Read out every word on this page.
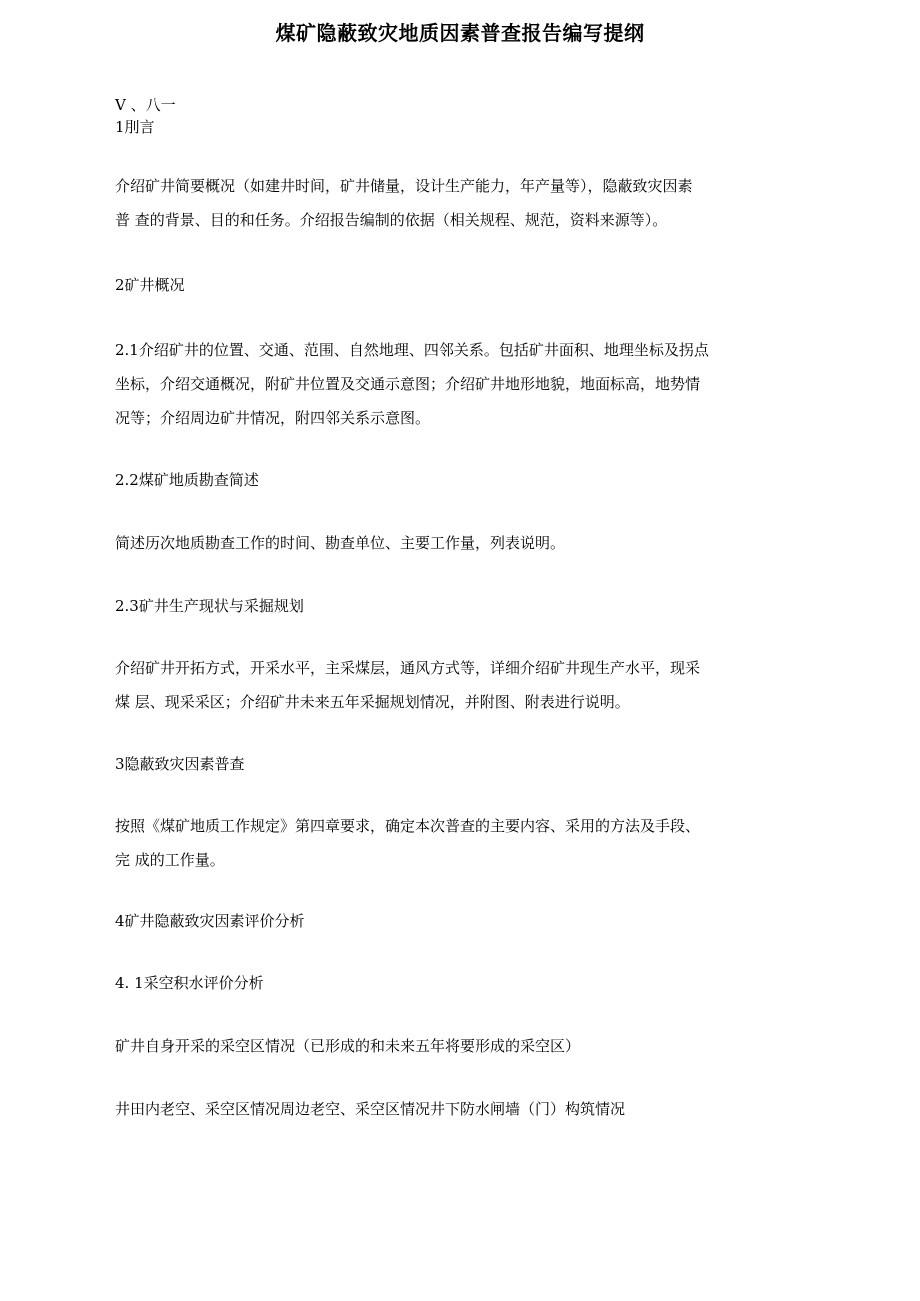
煤矿隐蔽致灾地质因素普查报告编写提纲

V 、八一

1刖言

介绍矿井简要概况（如建井时间，矿井储量，设计生产能力，年产量等），隐蔽致灾因素

普 查的背景、目的和任务。介绍报告编制的依据（相关规程、规范，资料来源等）。

2矿井概况

2.1介绍矿井的位置、交通、范围、自然地理、四邻关系。包括矿井面积、地理坐标及拐点

坐标，介绍交通概况，附矿井位置及交通示意图；介绍矿井地形地貌，地面标高，地势情

况等；介绍周边矿井情况，附四邻关系示意图。

2.2煤矿地质勘查简述

简述历次地质勘查工作的时间、勘查单位、主要工作量，列表说明。

2.3矿井生产现状与采掘规划

介绍矿井开拓方式，开采水平，主采煤层，通风方式等，详细介绍矿井现生产水平，现采

煤 层、现采采区；介绍矿井未来五年采掘规划情况，并附图、附表进行说明。

3隐蔽致灾因素普查

按照《煤矿地质工作规定》第四章要求，确定本次普查的主要内容、采用的方法及手段、

完 成的工作量。

4矿井隐蔽致灾因素评价分析

4. 1采空积水评价分析

矿井自身开采的采空区情况（已形成的和未来五年将要形成的采空区）

井田内老空、采空区情况周边老空、采空区情况井下防水闸墙（门）构筑情况
